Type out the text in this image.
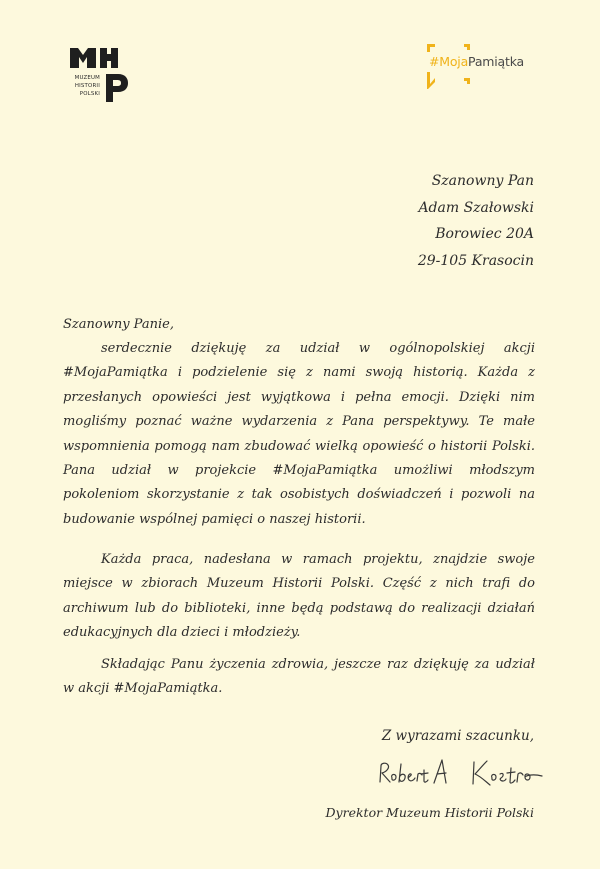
MUZEUM
HISTORII
POLSKI
#MojaPamiątka
Szanowny Pan
Adam Szałowski
Borowiec 20A
29-105 Krasocin
Szanowny Panie,

serdecznie dziękuję za udział w ogólnopolskiej akcji #MojaPamiątka i podzielenie się z nami swoją historią. Każda z przesłanych opowieści jest wyjątkowa i pełna emocji. Dzięki nim mogliśmy poznać ważne wydarzenia z Pana perspektywy. Te małe wspomnienia pomogą nam zbudować wielką opowieść o historii Polski. Pana udział w projekcie #MojaPamiątka umożliwi młodszym pokoleniom skorzystanie z tak osobistych doświadczeń i pozwoli na budowanie wspólnej pamięci o naszej historii.

Każda praca, nadesłana w ramach projektu, znajdzie swoje miejsce w zbiorach Muzeum Historii Polski. Część z nich trafi do archiwum lub do biblioteki, inne będą podstawą do realizacji działań edukacyjnych dla dzieci i młodzieży.

Składając Panu życzenia zdrowia, jeszcze raz dziękuję za udział w akcji #MojaPamiątka.

Z wyrazami szacunku,
Dyrektor Muzeum Historii Polski
